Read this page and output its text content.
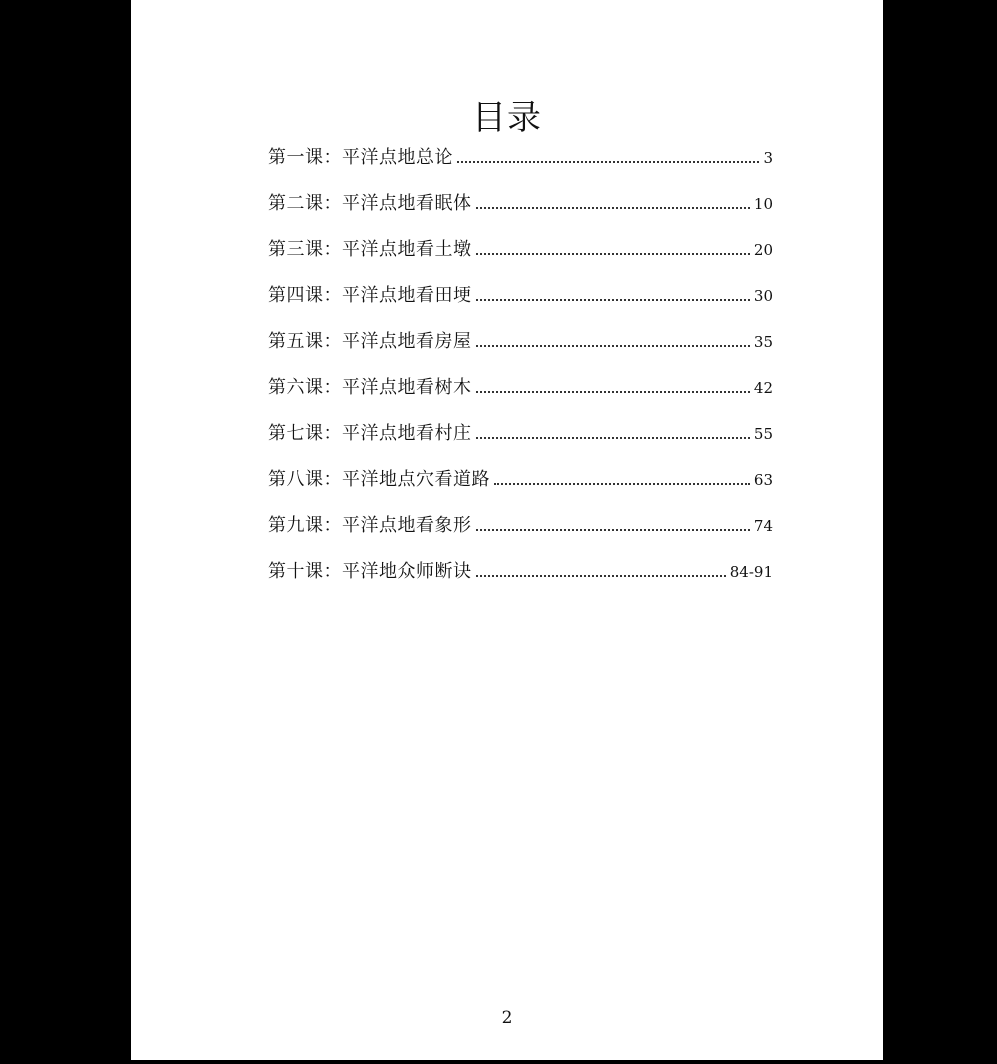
目录
第一课：平洋点地总论	3
第二课：平洋点地看眠体	10
第三课：平洋点地看土墩	20
第四课：平洋点地看田埂	30
第五课：平洋点地看房屋	35
第六课：平洋点地看树木	42
第七课：平洋点地看村庄	55
第八课：平洋地点穴看道路	63
第九课：平洋点地看象形	74
第十课：平洋地众师断诀	84-91
2
